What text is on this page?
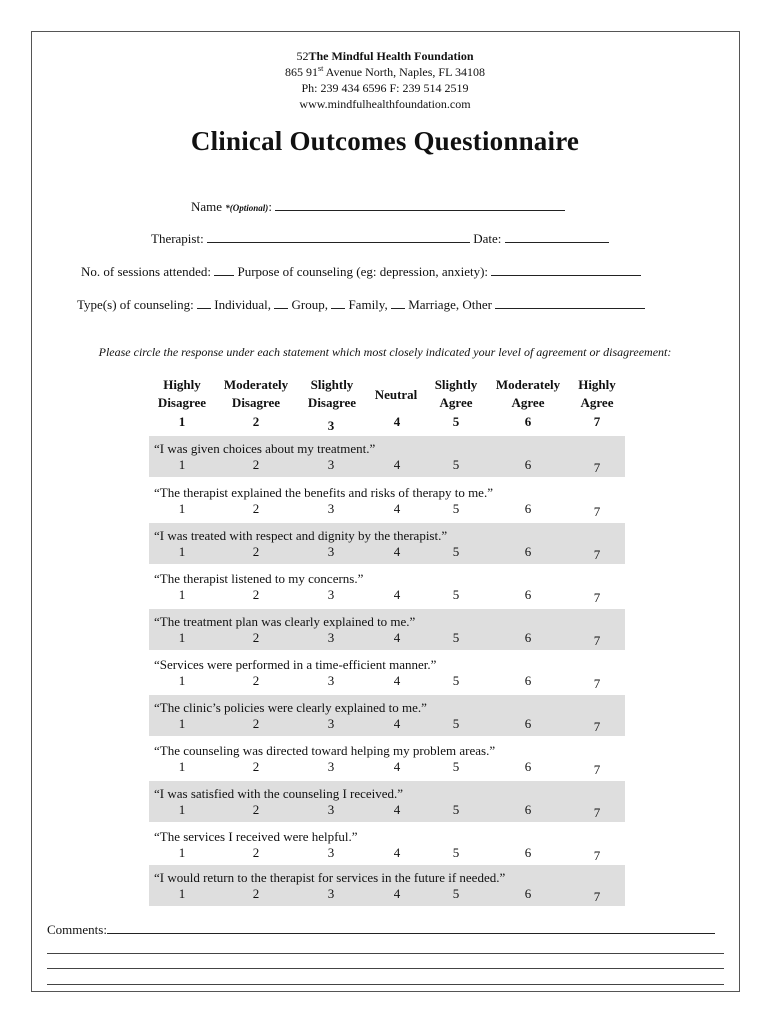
52The Mindful Health Foundation
865 91st Avenue North, Naples, FL 34108
Ph: 239 434 6596 F: 239 514 2519
www.mindfulhealthfoundation.com
Clinical Outcomes Questionnaire
Name *(Optional):
Therapist:	Date:
No. of sessions attended: Purpose of counseling (eg: depression, anxiety):
Type(s) of counseling: Individual, Group, Family, Marriage, Other
Please circle the response under each statement which most closely indicated your level of agreement or disagreement:
Highly
Disagree
1
Moderately
Disagree
2
Slightly
Disagree
3
Neutral
4
Slightly
Agree
5
Moderately
Agree
6
Highly
Agree
7
“I was given choices about my treatment.”
1	2	3	4	5	6	7
“The therapist explained the benefits and risks of therapy to me.”
1	2	3	4	5	6	7
“I was treated with respect and dignity by the therapist.”
1	2	3	4	5	6	7
“The therapist listened to my concerns.”
1	2	3	4	5	6	7
“The treatment plan was clearly explained to me.”
1	2	3	4	5	6	7
“Services were performed in a time-efficient manner.”
1	2	3	4	5	6	7
“The clinic’s policies were clearly explained to me.”
1	2	3	4	5	6	7
“The counseling was directed toward helping my problem areas.”
1	2	3	4	5	6	7
“I was satisfied with the counseling I received.”
1	2	3	4	5	6	7
“The services I received were helpful.”
1	2	3	4	5	6	7
“I would return to the therapist for services in the future if needed.”
1	2	3	4	5	6	7
Comments:
